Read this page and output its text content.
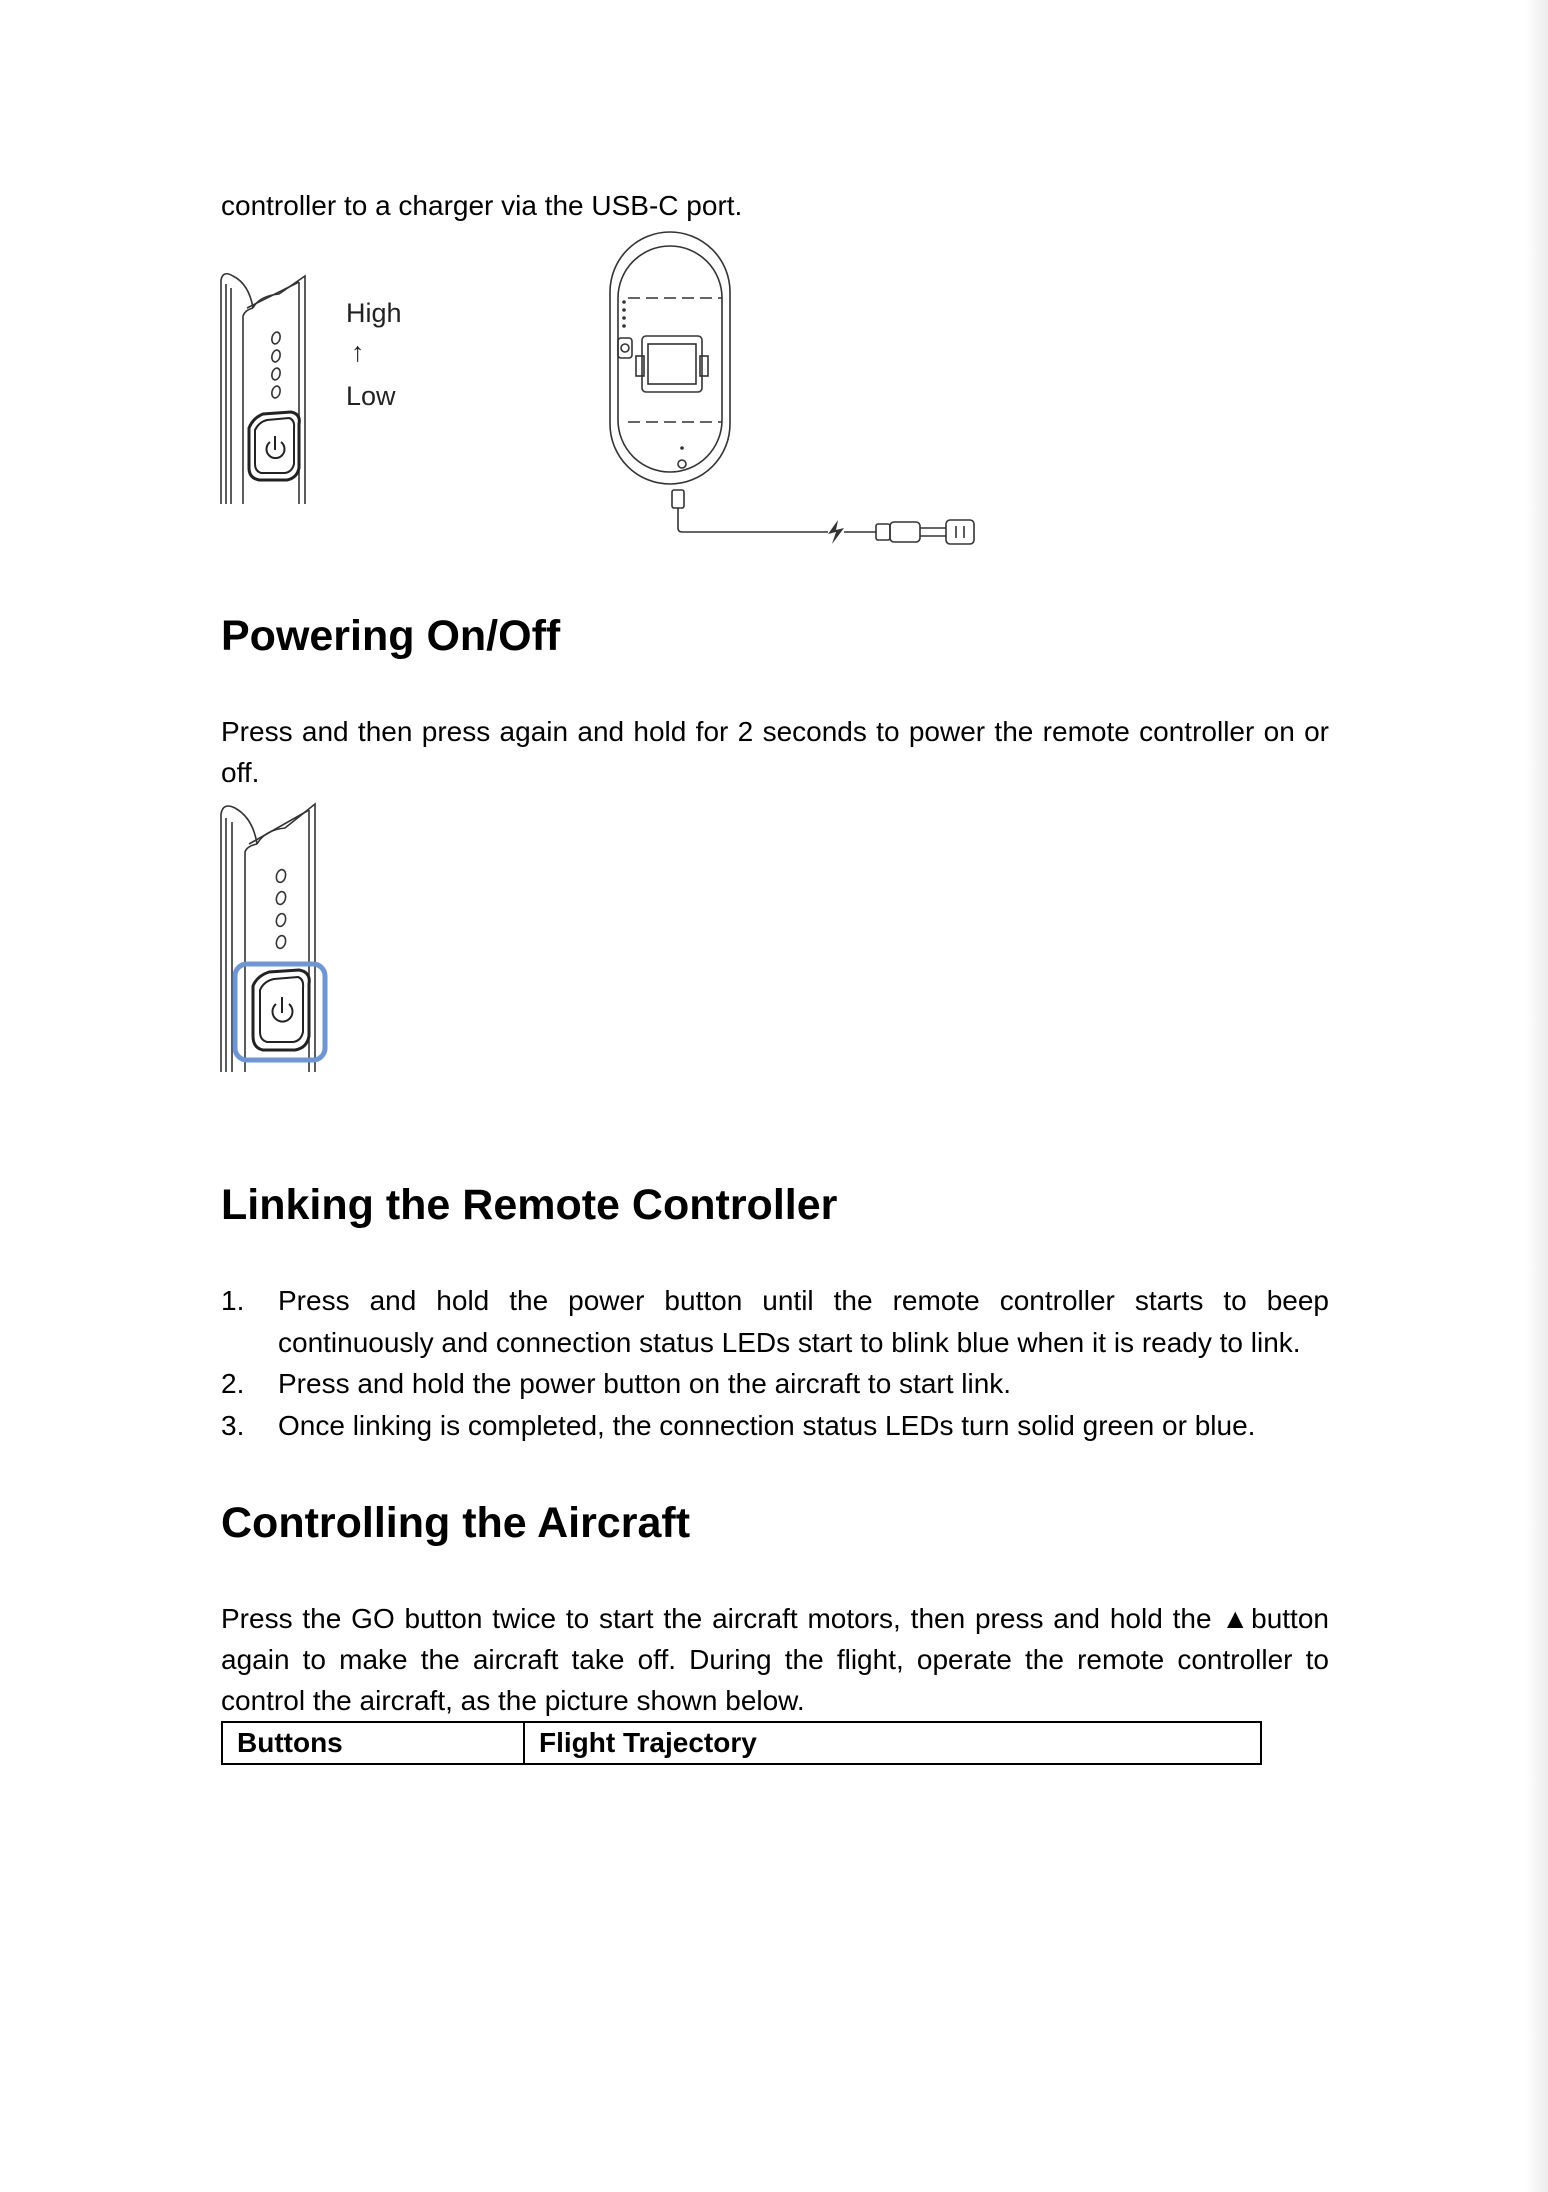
controller to a charger via the USB-C port.
High
↑
Low
Powering On/Off
Press and then press again and hold for 2 seconds to power the remote controller on or off.
Linking the Remote Controller
1. Press and hold the power button until the remote controller starts to beep continuously and connection status LEDs start to blink blue when it is ready to link.
2. Press and hold the power button on the aircraft to start link.
3. Once linking is completed, the connection status LEDs turn solid green or blue.
Controlling the Aircraft
Press the GO button twice to start the aircraft motors, then press and hold the ▲button again to make the aircraft take off. During the flight, operate the remote controller to control the aircraft, as the picture shown below.
Buttons	Flight Trajectory
